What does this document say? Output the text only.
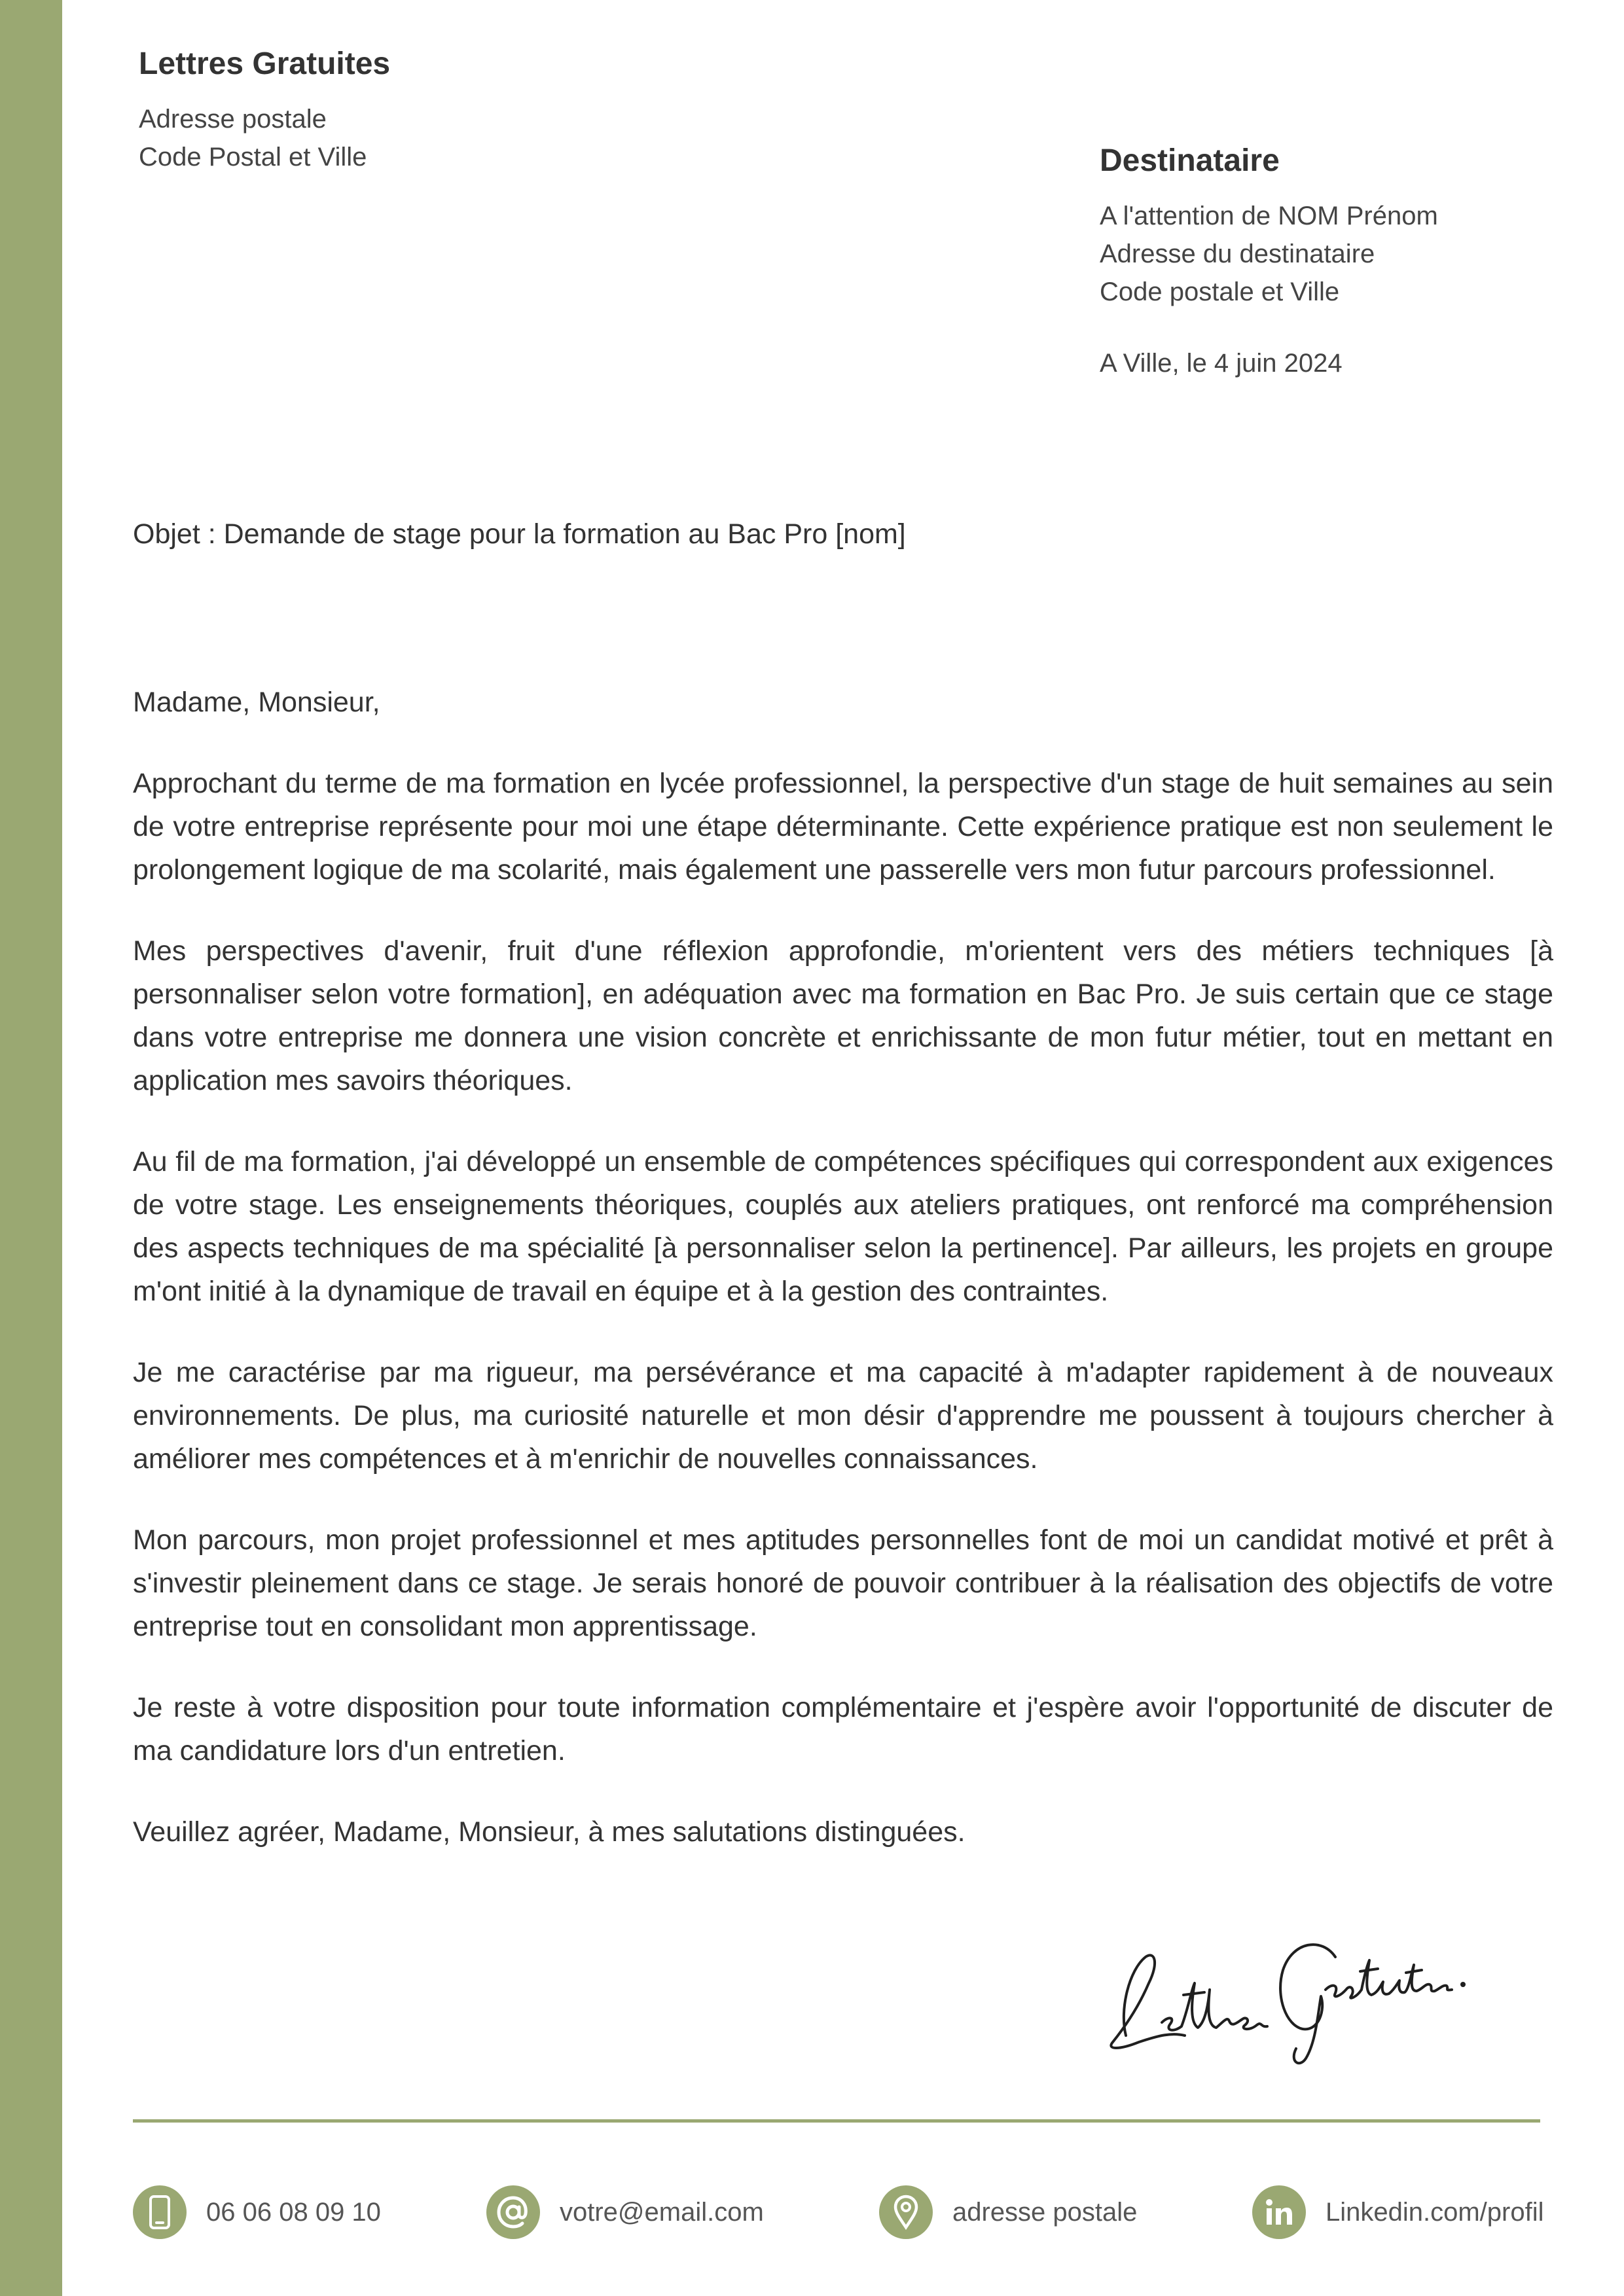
Lettres Gratuites
Adresse postale
Code Postal et Ville	Destinataire
A l'attention de NOM Prénom
Adresse du destinataire
Code postale et Ville
A Ville, le 4 juin 2024
Objet : Demande de stage pour la formation au Bac Pro [nom]

Madame, Monsieur,

Approchant du terme de ma formation en lycée professionnel, la perspective d'un stage de huit semaines au sein de votre entreprise représente pour moi une étape déterminante. Cette expérience pratique est non seulement le prolongement logique de ma scolarité, mais également une passerelle vers mon futur parcours professionnel.

Mes perspectives d'avenir, fruit d'une réflexion approfondie, m'orientent vers des métiers techniques [à personnaliser selon votre formation], en adéquation avec ma formation en Bac Pro. Je suis certain que ce stage dans votre entreprise me donnera une vision concrète et enrichissante de mon futur métier, tout en mettant en application mes savoirs théoriques.

Au fil de ma formation, j'ai développé un ensemble de compétences spécifiques qui correspondent aux exigences de votre stage. Les enseignements théoriques, couplés aux ateliers pratiques, ont renforcé ma compréhension des aspects techniques de ma spécialité [à personnaliser selon la pertinence]. Par ailleurs, les projets en groupe m'ont initié à la dynamique de travail en équipe et à la gestion des contraintes.

Je me caractérise par ma rigueur, ma persévérance et ma capacité à m'adapter rapidement à de nouveaux environnements. De plus, ma curiosité naturelle et mon désir d'apprendre me poussent à toujours chercher à améliorer mes compétences et à m'enrichir de nouvelles connaissances.

Mon parcours, mon projet professionnel et mes aptitudes personnelles font de moi un candidat motivé et prêt à s'investir pleinement dans ce stage. Je serais honoré de pouvoir contribuer à la réalisation des objectifs de votre entreprise tout en consolidant mon apprentissage.

Je reste à votre disposition pour toute information complémentaire et j'espère avoir l'opportunité de discuter de ma candidature lors d'un entretien.

Veuillez agréer, Madame, Monsieur, à mes salutations distinguées.

06 06 08 09 10	votre@email.com	adresse postale	Linkedin.com/profil
